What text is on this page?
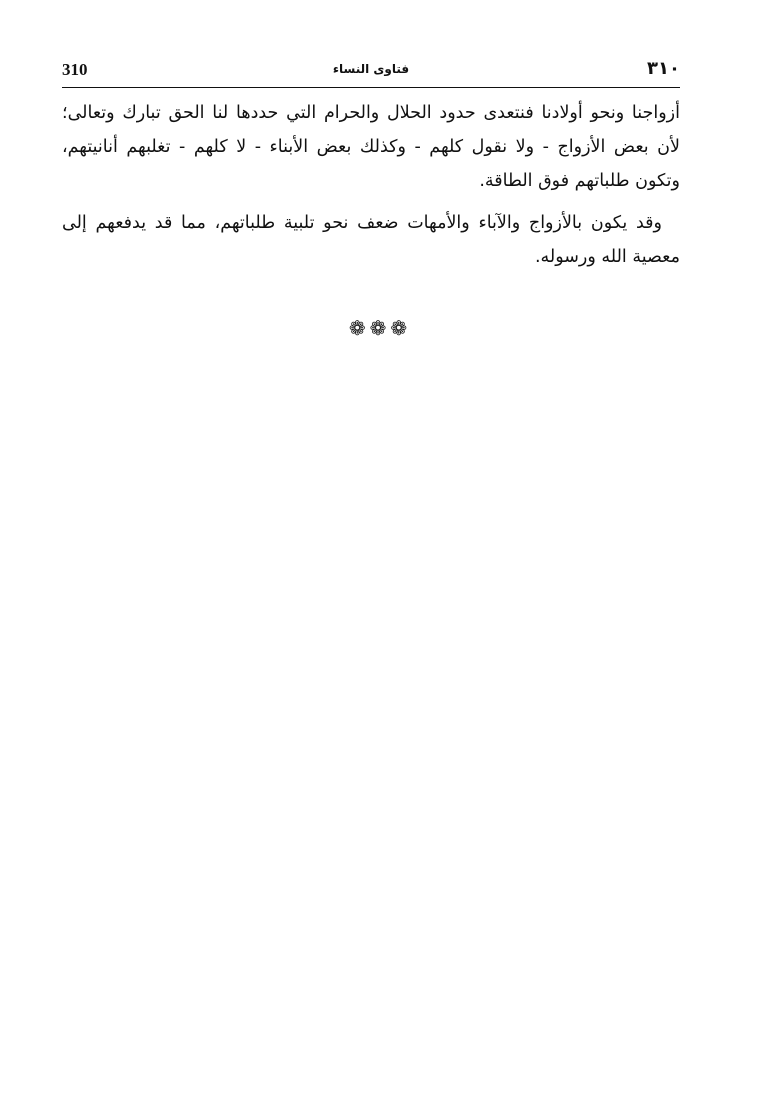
310	فتاوى النساء	٣١٠

أزواجنا ونحو أولادنا فنتعدى حدود الحلال والحرام التي حددها لنا الحق تبارك وتعالى؛ لأن بعض الأزواج - ولا نقول كلهم - وكذلك بعض الأبناء - لا كلهم - تغلبهم أنانيتهم، وتكون طلباتهم فوق الطاقة.

وقد يكون بالأزواج والآباء والأمهات ضعف نحو تلبية طلباتهم، مما قد يدفعهم إلى معصية الله ورسوله.

❁❁❁
